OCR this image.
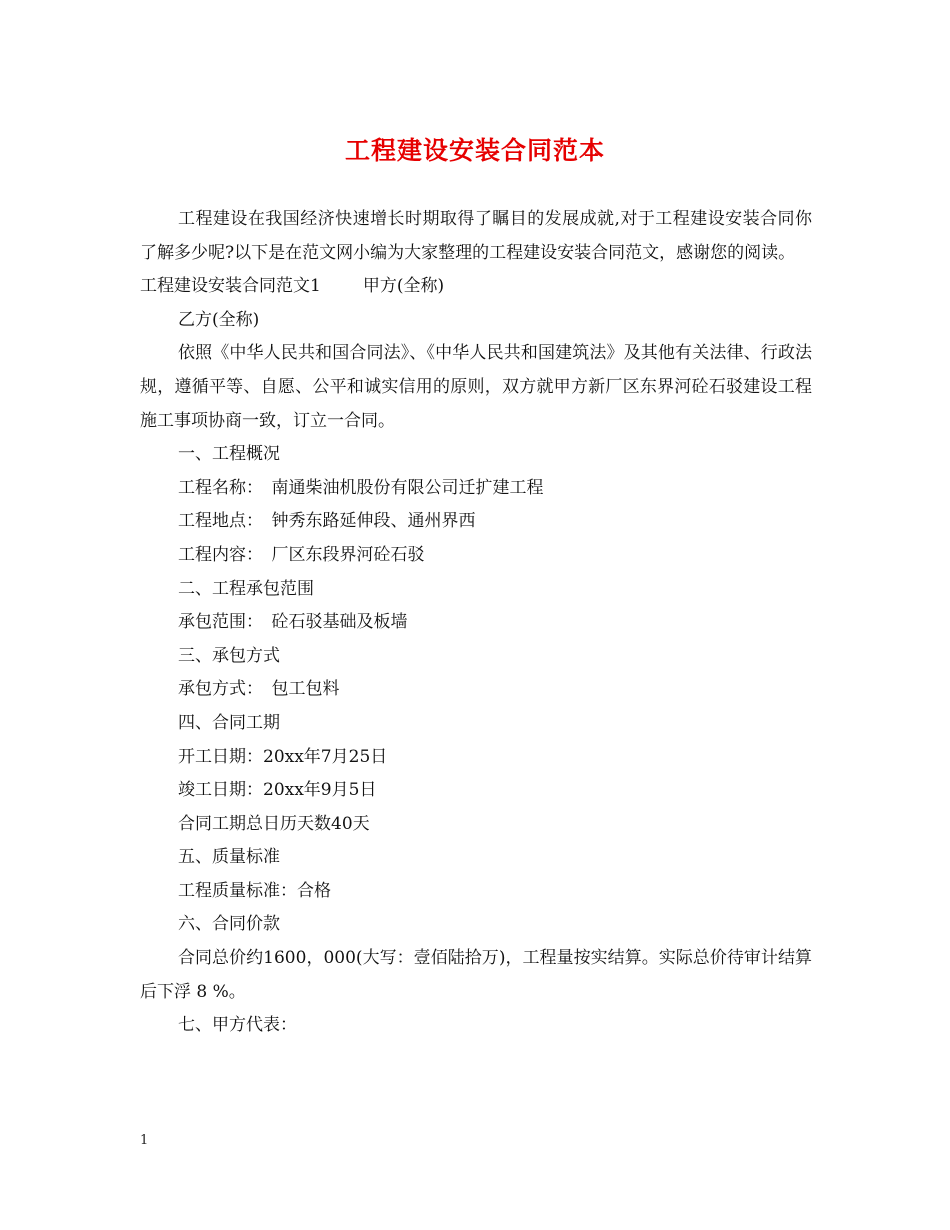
工程建设安装合同范本

工程建设在我国经济快速增长时期取得了瞩目的发展成就,对于工程建设安装合同你了解多少呢?以下是在范文网小编为大家整理的工程建设安装合同范文，感谢您的阅读。

工程建设安装合同范文1 甲方(全称)

乙方(全称)

依照《中华人民共和国合同法》、《中华人民共和国建筑法》及其他有关法律、行政法规，遵循平等、自愿、公平和诚实信用的原则，双方就甲方新厂区东界河砼石驳建设工程施工事项协商一致，订立一合同。

一、工程概况

工程名称：　南通柴油机股份有限公司迁扩建工程

工程地点：　钟秀东路延伸段、通州界西

工程内容：　厂区东段界河砼石驳

二、工程承包范围

承包范围：　砼石驳基础及板墙

三、承包方式

承包方式：　包工包料

四、合同工期

开工日期：20xx年7月25日

竣工日期：20xx年9月5日

合同工期总日历天数40天

五、质量标准

工程质量标准：合格

六、合同价款

合同总价约1600，000(大写：壹佰陆拾万)，工程量按实结算。实际总价待审计结算后下浮 8 %。

七、甲方代表：

1
